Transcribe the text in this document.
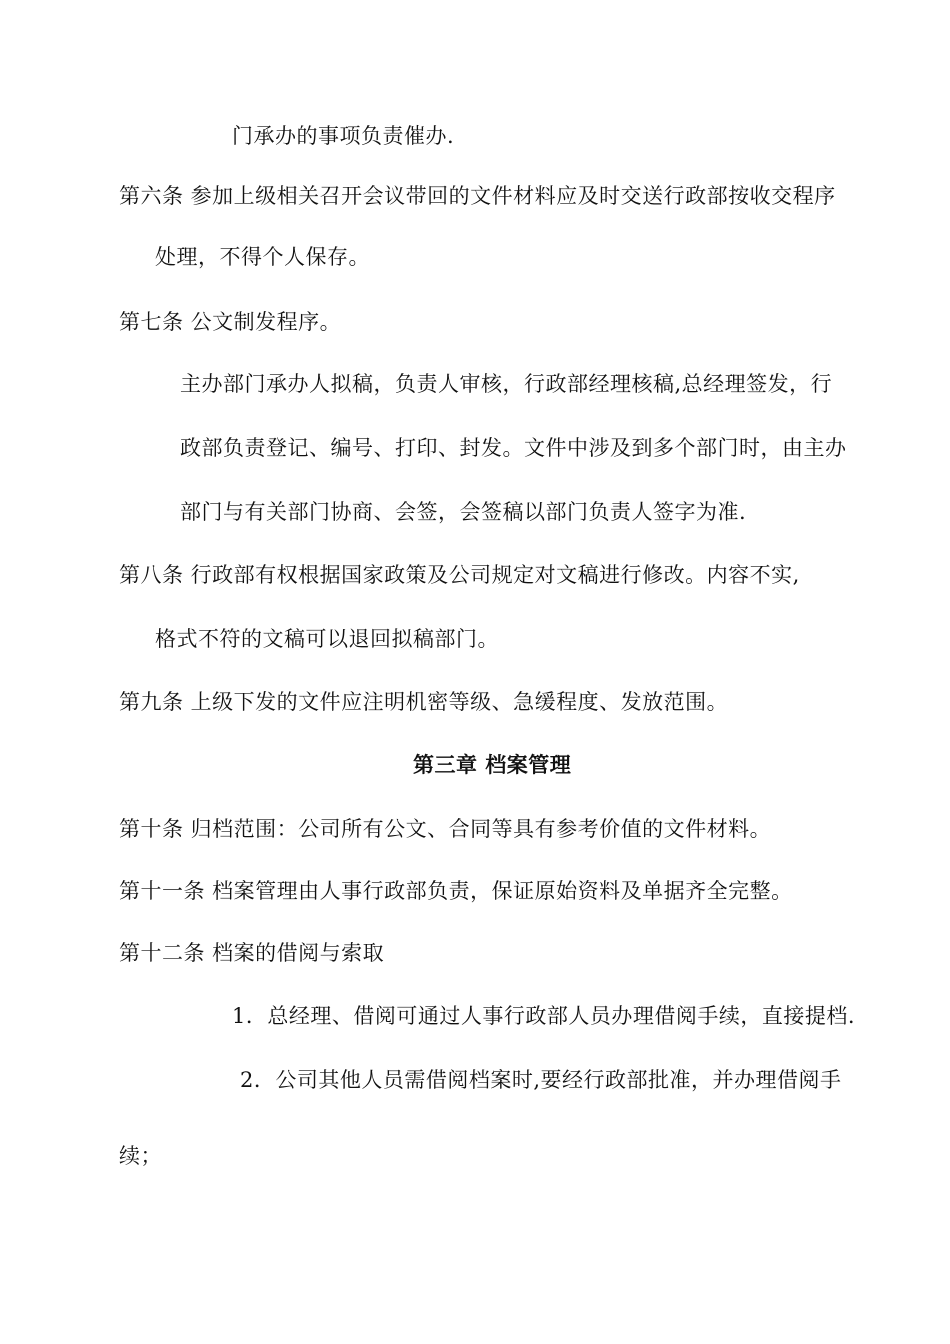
门承办的事项负责催办.
第六条 参加上级相关召开会议带回的文件材料应及时交送行政部按收交程序
处理，不得个人保存。
第七条 公文制发程序。
主办部门承办人拟稿，负责人审核，行政部经理核稿,总经理签发，行
政部负责登记、编号、打印、封发。文件中涉及到多个部门时，由主办
部门与有关部门协商、会签，会签稿以部门负责人签字为准.
第八条 行政部有权根据国家政策及公司规定对文稿进行修改。内容不实,
格式不符的文稿可以退回拟稿部门。
第九条 上级下发的文件应注明机密等级、急缓程度、发放范围。
第三章 档案管理
第十条 归档范围：公司所有公文、合同等具有参考价值的文件材料。
第十一条 档案管理由人事行政部负责，保证原始资料及单据齐全完整。
第十二条 档案的借阅与索取
1．总经理、借阅可通过人事行政部人员办理借阅手续，直接提档.
2．公司其他人员需借阅档案时,要经行政部批准，并办理借阅手
续；
